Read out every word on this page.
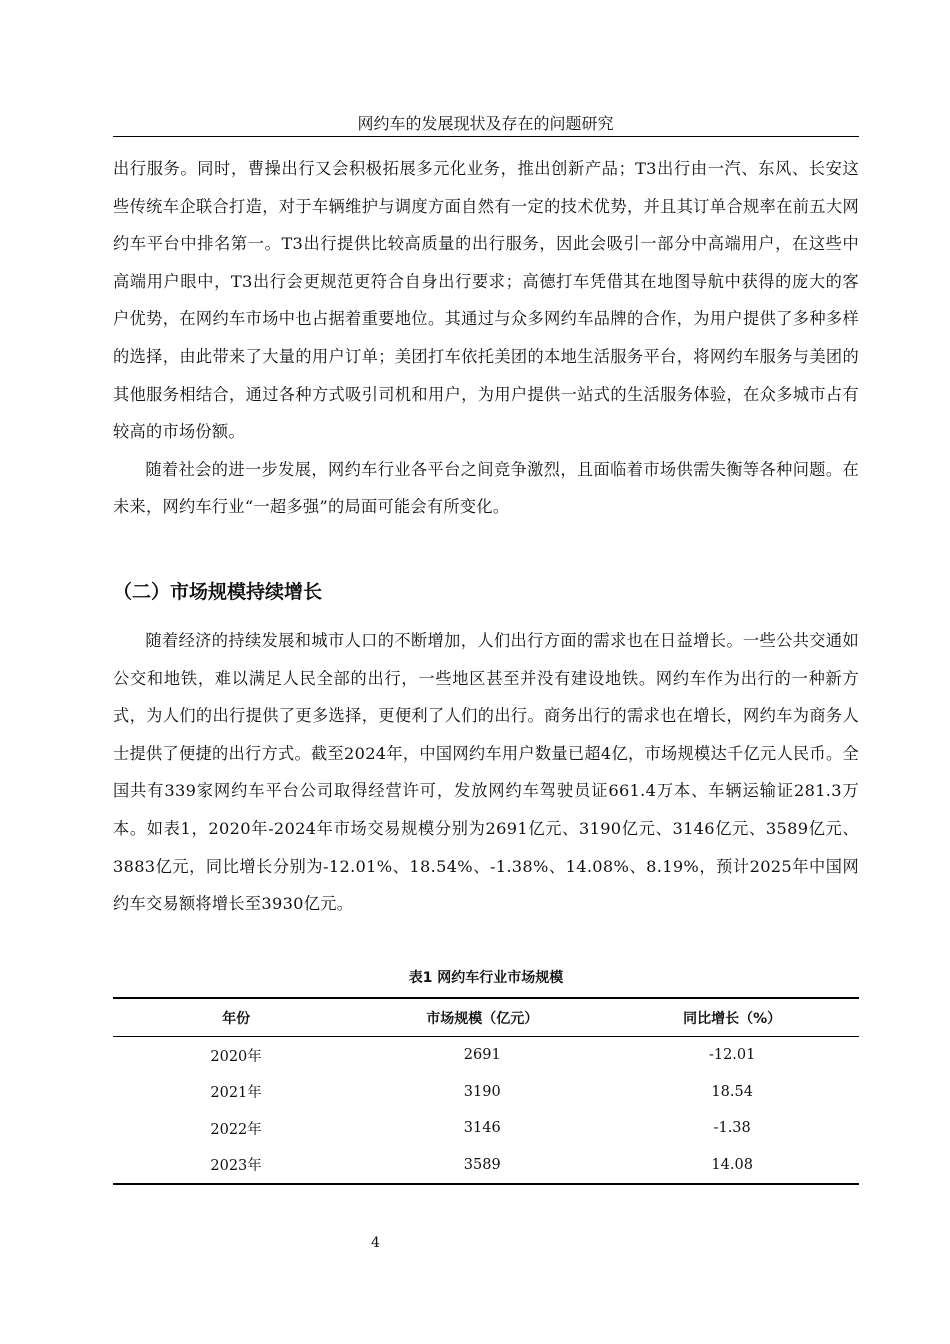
网约车的发展现状及存在的问题研究

出行服务。同时，曹操出行又会积极拓展多元化业务，推出创新产品；T3出行由一汽、东风、长安这些传统车企联合打造，对于车辆维护与调度方面自然有一定的技术优势，并且其订单合规率在前五大网约车平台中排名第一。T3出行提供比较高质量的出行服务，因此会吸引一部分中高端用户，在这些中高端用户眼中，T3出行会更规范更符合自身出行要求；高德打车凭借其在地图导航中获得的庞大的客户优势，在网约车市场中也占据着重要地位。其通过与众多网约车品牌的合作，为用户提供了多种多样的选择，由此带来了大量的用户订单；美团打车依托美团的本地生活服务平台，将网约车服务与美团的其他服务相结合，通过各种方式吸引司机和用户，为用户提供一站式的生活服务体验，在众多城市占有较高的市场份额。

随着社会的进一步发展，网约车行业各平台之间竞争激烈，且面临着市场供需失衡等各种问题。在未来，网约车行业“一超多强”的局面可能会有所变化。

（二）市场规模持续增长

随着经济的持续发展和城市人口的不断增加，人们出行方面的需求也在日益增长。一些公共交通如公交和地铁，难以满足人民全部的出行，一些地区甚至并没有建设地铁。网约车作为出行的一种新方式，为人们的出行提供了更多选择，更便利了人们的出行。商务出行的需求也在增长，网约车为商务人士提供了便捷的出行方式。截至2024年，中国网约车用户数量已超4亿，市场规模达千亿元人民币。全国共有339家网约车平台公司取得经营许可，发放网约车驾驶员证661.4万本、车辆运输证281.3万本。如表1，2020年-2024年市场交易规模分别为2691亿元、3190亿元、3146亿元、3589亿元、3883亿元，同比增长分别为-12.01%、18.54%、-1.38%、14.08%、8.19%，预计2025年中国网约车交易额将增长至3930亿元。

表1 网约车行业市场规模
年份	市场规模（亿元）	同比增长（%）
2020年	2691	-12.01
2021年	3190	18.54
2022年	3146	-1.38
2023年	3589	14.08
4
